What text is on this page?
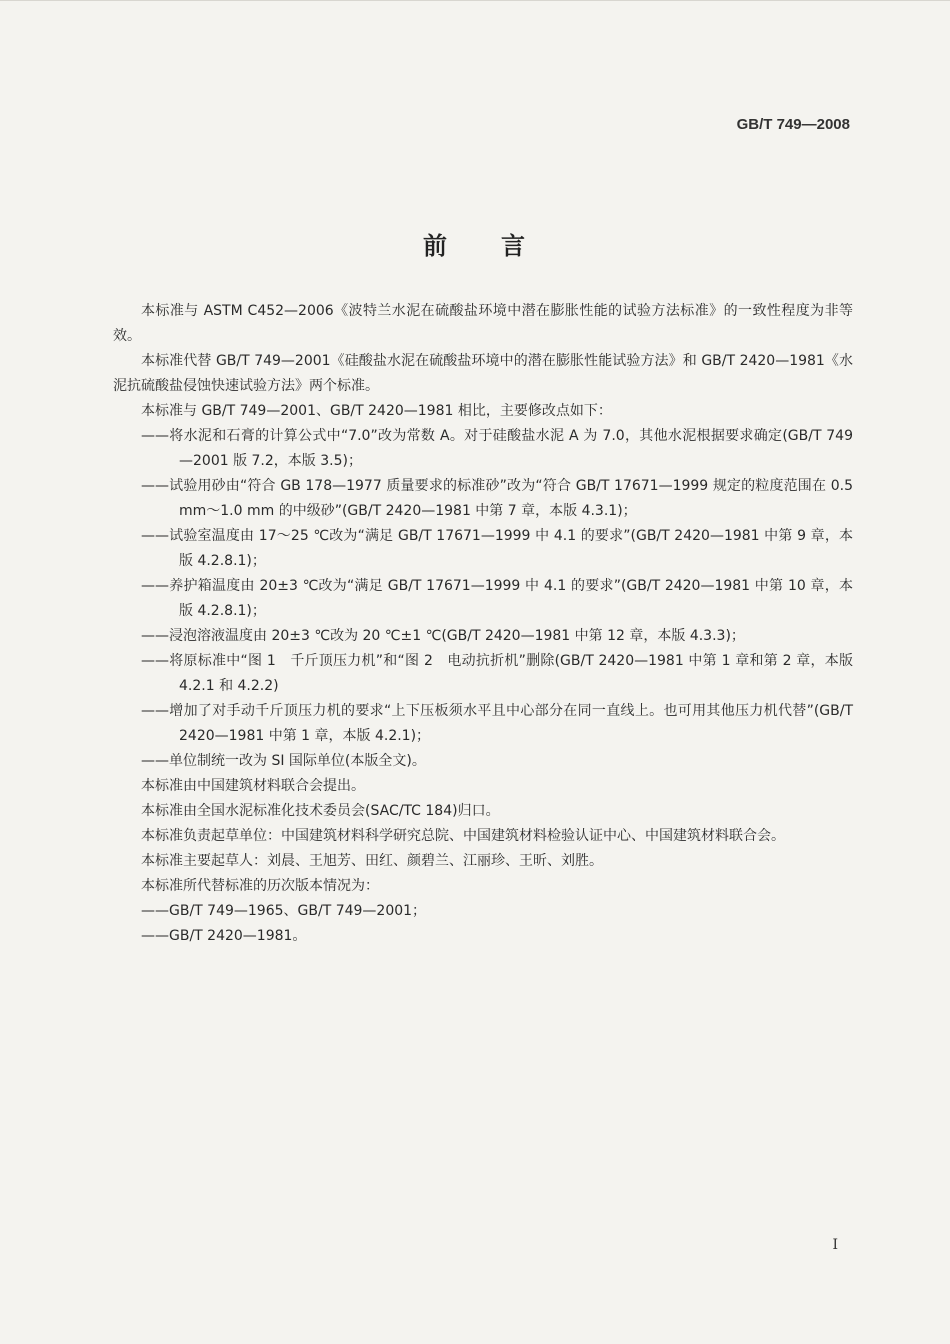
GB/T 749—2008
前　　言

本标准与 ASTM C452—2006《波特兰水泥在硫酸盐环境中潜在膨胀性能的试验方法标准》的一致性程度为非等效。

本标准代替 GB/T 749—2001《硅酸盐水泥在硫酸盐环境中的潜在膨胀性能试验方法》和 GB/T 2420—1981《水泥抗硫酸盐侵蚀快速试验方法》两个标准。

本标准与 GB/T 749—2001、GB/T 2420—1981 相比，主要修改点如下：

——将水泥和石膏的计算公式中“7.0”改为常数 A。对于硅酸盐水泥 A 为 7.0，其他水泥根据要求确定(GB/T 749—2001 版 7.2，本版 3.5)；

——试验用砂由“符合 GB 178—1977 质量要求的标准砂”改为“符合 GB/T 17671—1999 规定的粒度范围在 0.5 mm～1.0 mm 的中级砂”(GB/T 2420—1981 中第 7 章，本版 4.3.1)；

——试验室温度由 17～25 ℃改为“满足 GB/T 17671—1999 中 4.1 的要求”(GB/T 2420—1981 中第 9 章，本版 4.2.8.1)；

——养护箱温度由 20±3 ℃改为“满足 GB/T 17671—1999 中 4.1 的要求”(GB/T 2420—1981 中第 10 章，本版 4.2.8.1)；

——浸泡溶液温度由 20±3 ℃改为 20 ℃±1 ℃(GB/T 2420—1981 中第 12 章，本版 4.3.3)；

——将原标准中“图 1　千斤顶压力机”和“图 2　电动抗折机”删除(GB/T 2420—1981 中第 1 章和第 2 章，本版 4.2.1 和 4.2.2)

——增加了对手动千斤顶压力机的要求“上下压板须水平且中心部分在同一直线上。也可用其他压力机代替”(GB/T 2420—1981 中第 1 章，本版 4.2.1)；

——单位制统一改为 SI 国际单位(本版全文)。

本标准由中国建筑材料联合会提出。

本标准由全国水泥标准化技术委员会(SAC/TC 184)归口。

本标准负责起草单位：中国建筑材料科学研究总院、中国建筑材料检验认证中心、中国建筑材料联合会。

本标准主要起草人：刘晨、王旭芳、田红、颜碧兰、江丽珍、王昕、刘胜。

本标准所代替标准的历次版本情况为：

——GB/T 749—1965、GB/T 749—2001；

——GB/T 2420—1981。

I
